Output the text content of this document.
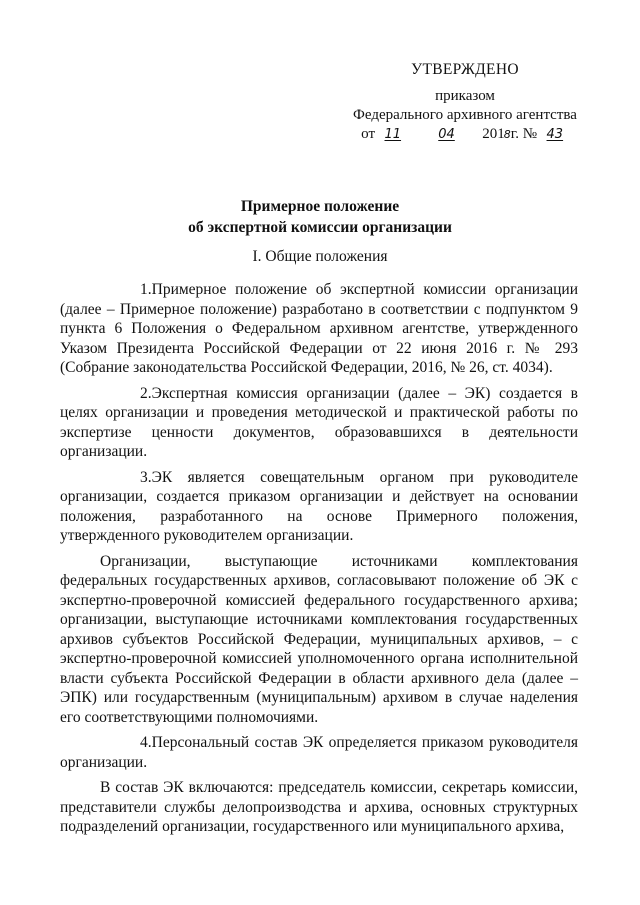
УТВЕРЖДЕНО
приказом
Федерального архивного агентства
от 11	04 2018г. № 43
Примерное положение
об экспертной комиссии организации
I. Общие положения

1.Примерное положение об экспертной комиссии организации (далее – Примерное положение) разработано в соответствии с подпунктом 9 пункта 6 Положения о Федеральном архивном агентстве, утвержденного Указом Президента Российской Федерации от 22 июня 2016 г. № 293 (Собрание законодательства Российской Федерации, 2016, № 26, ст. 4034).

2.Экспертная комиссия организации (далее – ЭК) создается в целях организации и проведения методической и практической работы по экспертизе ценности документов, образовавшихся в деятельности организации.

3.ЭК является совещательным органом при руководителе организации, создается приказом организации и действует на основании положения, разработанного на основе Примерного положения, утвержденного руководителем организации.

Организации, выступающие источниками комплектования федеральных государственных архивов, согласовывают положение об ЭК с экспертно-проверочной комиссией федерального государственного архива; организации, выступающие источниками комплектования государственных архивов субъектов Российской Федерации, муниципальных архивов, – с экспертно-проверочной комиссией уполномоченного органа исполнительной власти субъекта Российской Федерации в области архивного дела (далее – ЭПК) или государственным (муниципальным) архивом в случае наделения его соответствующими полномочиями.

4.Персональный состав ЭК определяется приказом руководителя организации.

В состав ЭК включаются: председатель комиссии, секретарь комиссии, представители службы делопроизводства и архива, основных структурных подразделений организации, государственного или муниципального архива,
